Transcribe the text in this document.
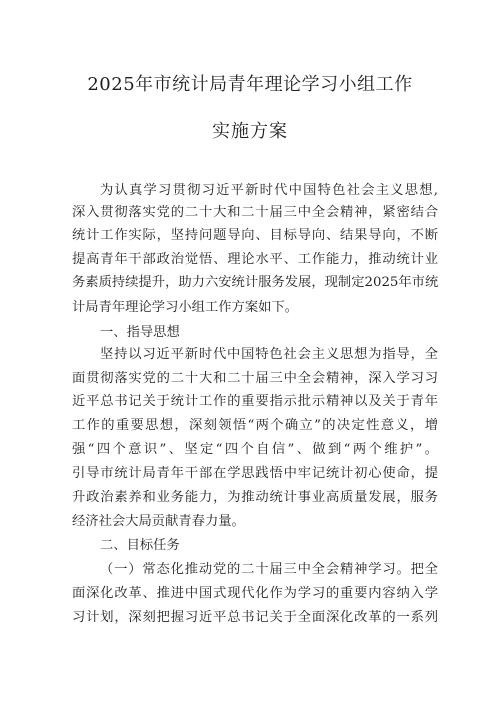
2025年市统计局青年理论学习小组工作
实施方案
为认真学习贯彻习近平新时代中国特色社会主义思想,
深入贯彻落实党的二十大和二十届三中全会精神，紧密结合
统计工作实际，坚持问题导向、目标导向、结果导向，不断
提高青年干部政治觉悟、理论水平、工作能力，推动统计业
务素质持续提升，助力六安统计服务发展，现制定2025年市统
计局青年理论学习小组工作方案如下。
一、指导思想
坚持以习近平新时代中国特色社会主义思想为指导，全
面贯彻落实党的二十大和二十届三中全会精神，深入学习习
近平总书记关于统计工作的重要指示批示精神以及关于青年
工作的重要思想，深刻领悟“两个确立”的决定性意义，增
强“四个意识”、坚定“四个自信”、做到“两个维护”。
引导市统计局青年干部在学思践悟中牢记统计初心使命，提
升政治素养和业务能力，为推动统计事业高质量发展，服务
经济社会大局贡献青春力量。
二、目标任务
（一）常态化推动党的二十届三中全会精神学习。把全
面深化改革、推进中国式现代化作为学习的重要内容纳入学
习计划，深刻把握习近平总书记关于全面深化改革的一系列
